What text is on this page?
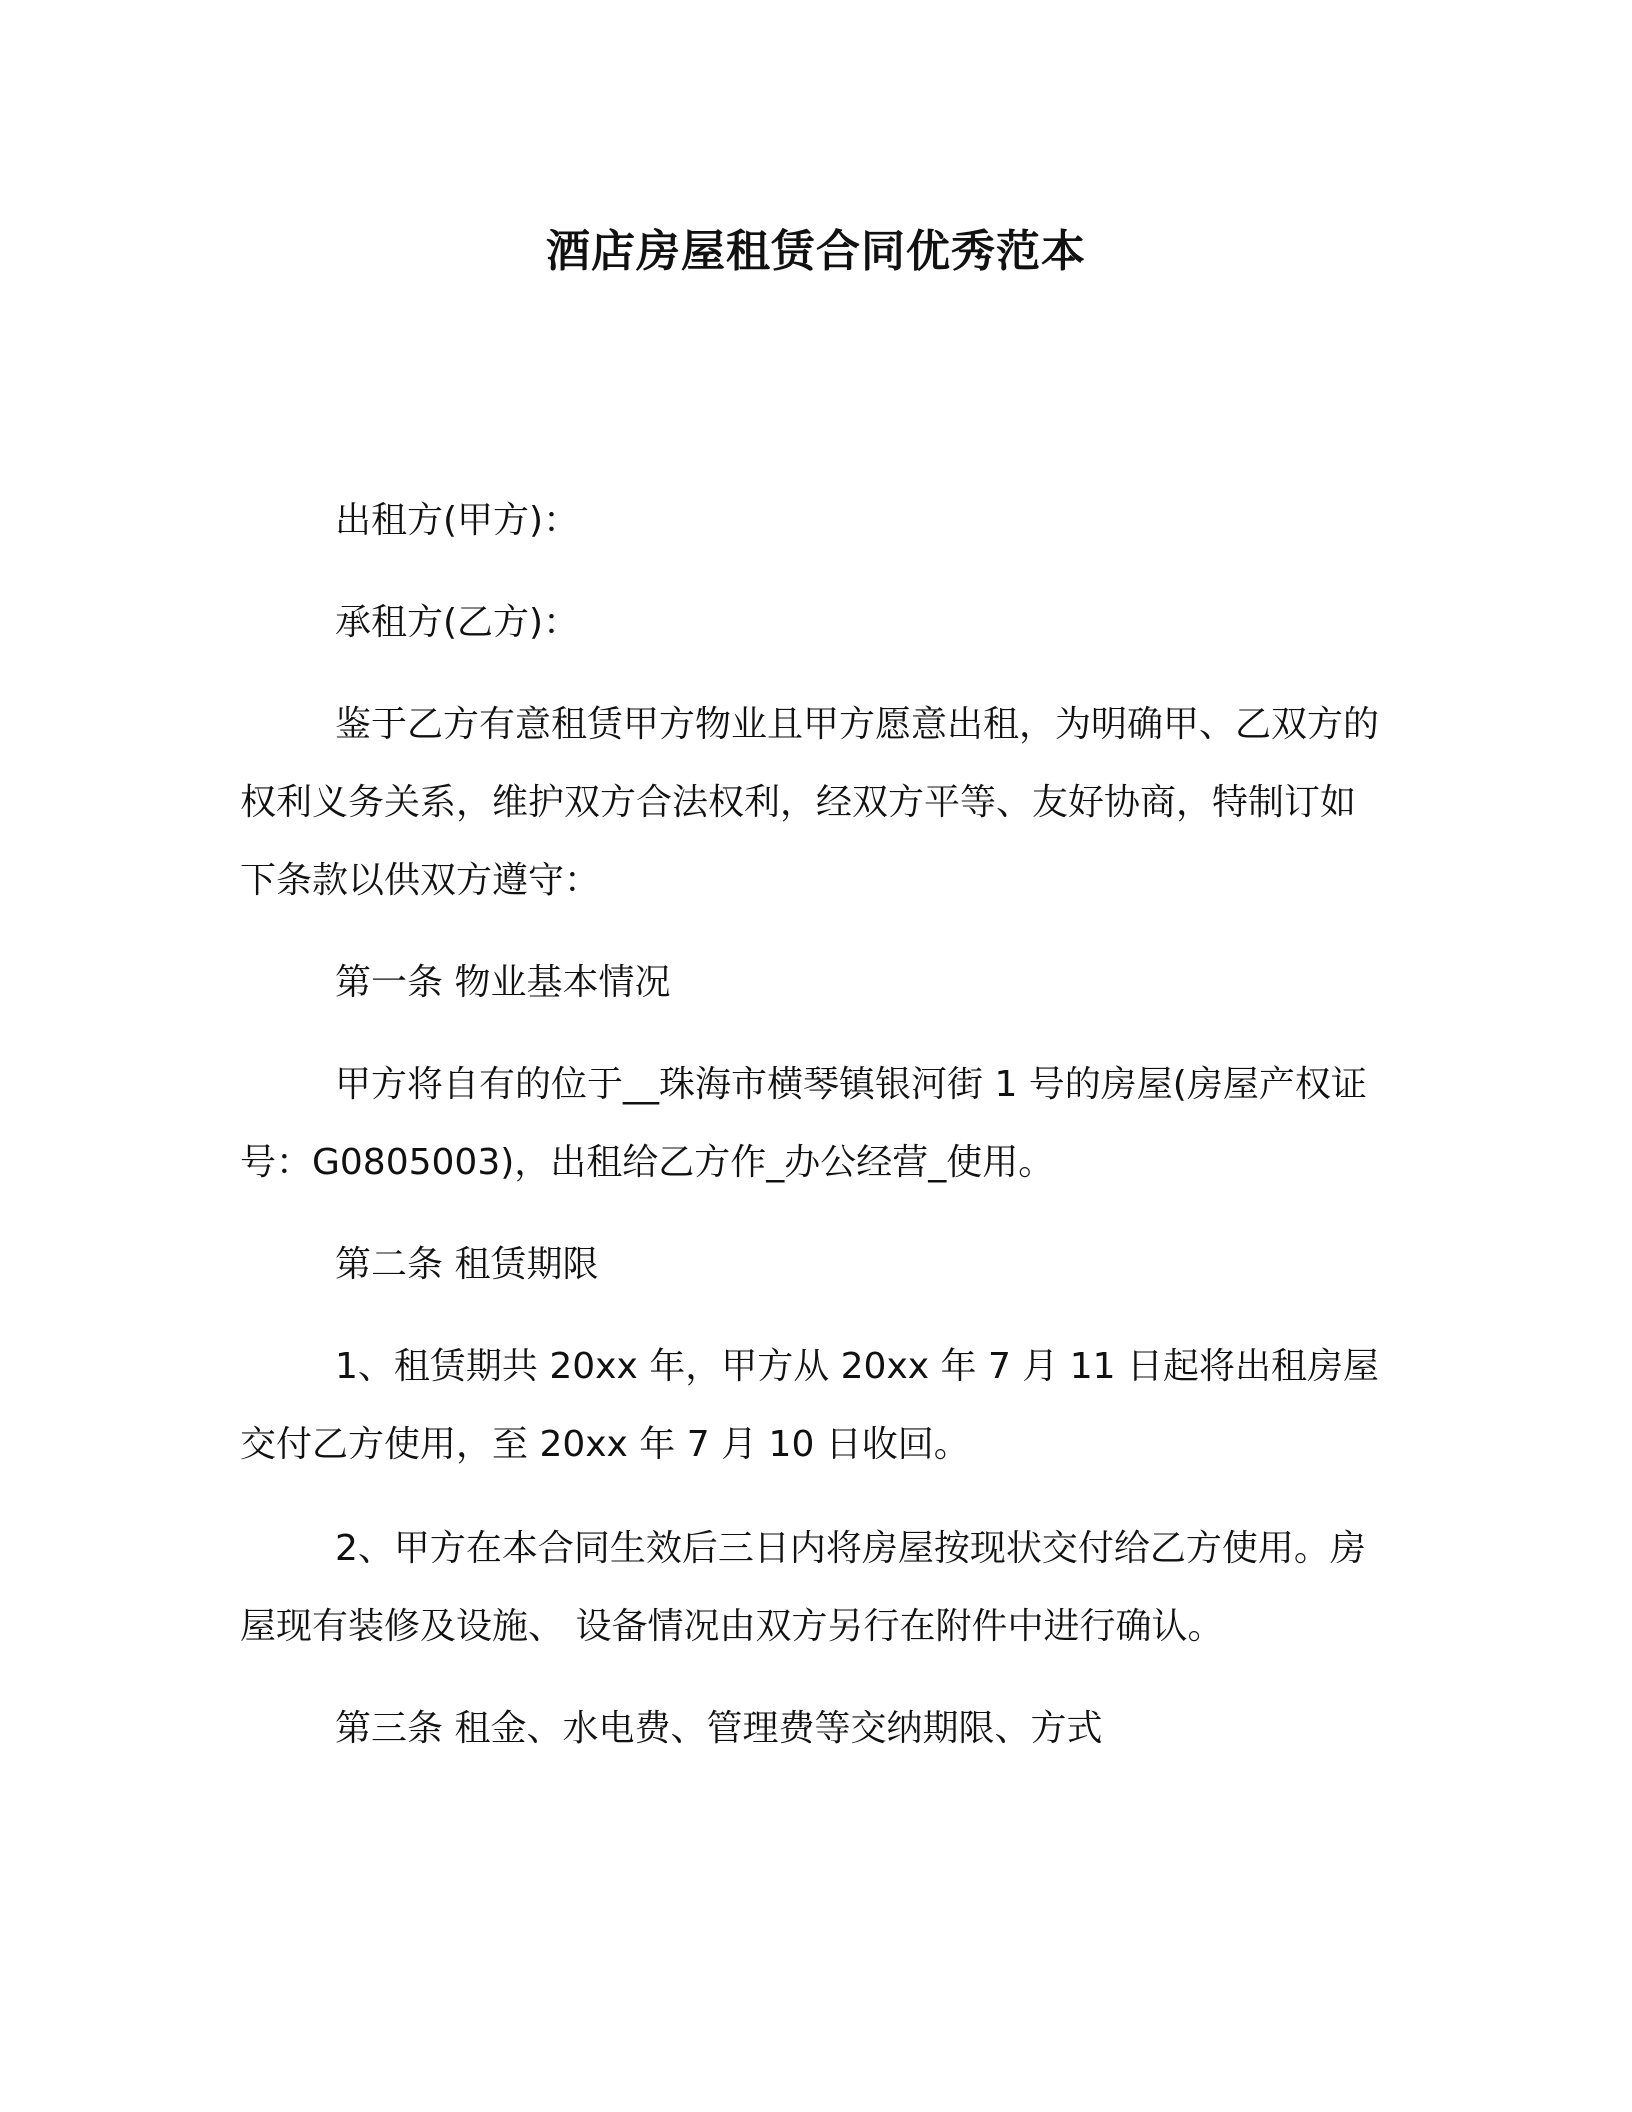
酒店房屋租赁合同优秀范本

出租方(甲方)：

承租方(乙方)：

鉴于乙方有意租赁甲方物业且甲方愿意出租，为明确甲、乙双方的权利义务关系，维护双方合法权利，经双方平等、友好协商，特制订如下条款以供双方遵守：

第一条 物业基本情况

甲方将自有的位于__珠海市横琴镇银河街 1 号的房屋(房屋产权证号：G0805003)，出租给乙方作_办公经营_使用。

第二条 租赁期限

1、租赁期共 20xx 年，甲方从 20xx 年 7 月 11 日起将出租房屋交付乙方使用，至 20xx 年 7 月 10 日收回。

2、甲方在本合同生效后三日内将房屋按现状交付给乙方使用。房屋现有装修及设施、 设备情况由双方另行在附件中进行确认。

第三条 租金、水电费、管理费等交纳期限、方式
